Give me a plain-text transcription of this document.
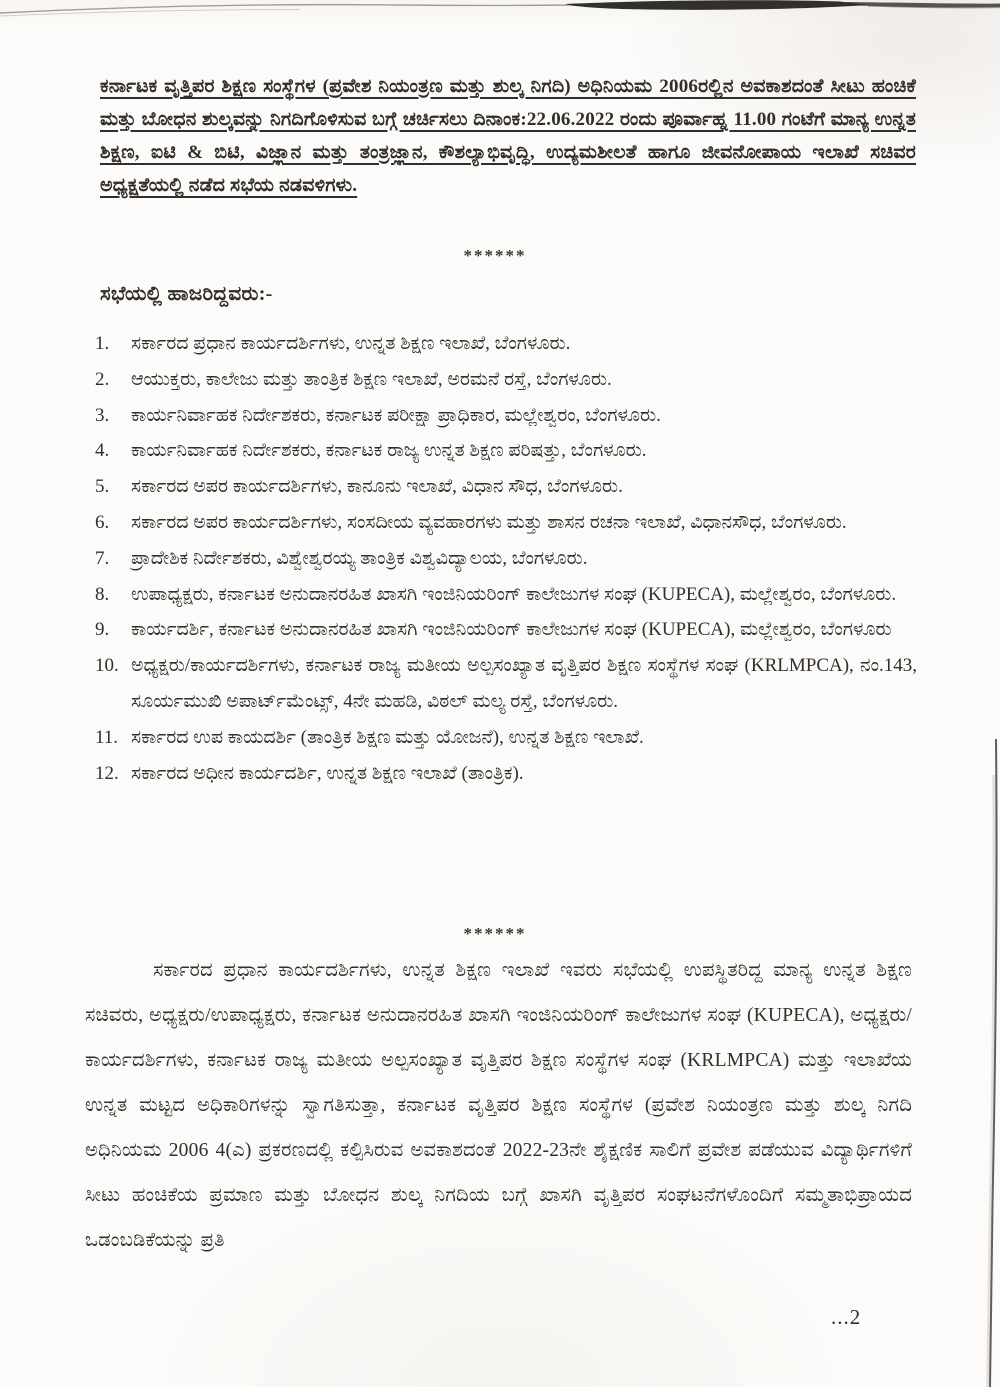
ಕರ್ನಾಟಕ ವೃತ್ತಿಪರ ಶಿಕ್ಷಣ ಸಂಸ್ಥೆಗಳ (ಪ್ರವೇಶ ನಿಯಂತ್ರಣ ಮತ್ತು ಶುಲ್ಕ ನಿಗದಿ) ಅಧಿನಿಯಮ 2006ರಲ್ಲಿನ ಅವಕಾಶದಂತೆ ಸೀಟು ಹಂಚಿಕೆ ಮತ್ತು ಬೋಧನ ಶುಲ್ಕವನ್ನು ನಿಗದಿಗೊಳಿಸುವ ಬಗ್ಗೆ ಚರ್ಚಿಸಲು ದಿನಾಂಕ:22.06.2022 ರಂದು ಪೂರ್ವಾಹ್ನ 11.00 ಗಂಟೆಗೆ ಮಾನ್ಯ ಉನ್ನತ ಶಿಕ್ಷಣ, ಐಟಿ & ಬಿಟಿ, ವಿಜ್ಞಾನ ಮತ್ತು ತಂತ್ರಜ್ಞಾನ, ಕೌಶಲ್ಯಾಭಿವೃದ್ಧಿ, ಉದ್ಯಮಶೀಲತೆ ಹಾಗೂ ಜೀವನೋಪಾಯ ಇಲಾಖೆ ಸಚಿವರ ಅಧ್ಯಕ್ಷತೆಯಲ್ಲಿ ನಡೆದ ಸಭೆಯ ನಡವಳಿಗಳು.
******
ಸಭೆಯಲ್ಲಿ ಹಾಜರಿದ್ದವರು:-
1.	ಸರ್ಕಾರದ ಪ್ರಧಾನ ಕಾರ್ಯದರ್ಶಿಗಳು, ಉನ್ನತ ಶಿಕ್ಷಣ ಇಲಾಖೆ, ಬೆಂಗಳೂರು.
2.	ಆಯುಕ್ತರು, ಕಾಲೇಜು ಮತ್ತು ತಾಂತ್ರಿಕ ಶಿಕ್ಷಣ ಇಲಾಖೆ, ಅರಮನೆ ರಸ್ತೆ, ಬೆಂಗಳೂರು.
3.	ಕಾರ್ಯನಿರ್ವಾಹಕ ನಿರ್ದೇಶಕರು, ಕರ್ನಾಟಕ ಪರೀಕ್ಷಾ ಪ್ರಾಧಿಕಾರ, ಮಲ್ಲೇಶ್ವರಂ, ಬೆಂಗಳೂರು.
4.	ಕಾರ್ಯನಿರ್ವಾಹಕ ನಿರ್ದೇಶಕರು, ಕರ್ನಾಟಕ ರಾಜ್ಯ ಉನ್ನತ ಶಿಕ್ಷಣ ಪರಿಷತ್ತು, ಬೆಂಗಳೂರು.
5.	ಸರ್ಕಾರದ ಅಪರ ಕಾರ್ಯದರ್ಶಿಗಳು, ಕಾನೂನು ಇಲಾಖೆ, ವಿಧಾನ ಸೌಧ, ಬೆಂಗಳೂರು.
6.	ಸರ್ಕಾರದ ಅಪರ ಕಾರ್ಯದರ್ಶಿಗಳು, ಸಂಸದೀಯ ವ್ಯವಹಾರಗಳು ಮತ್ತು ಶಾಸನ ರಚನಾ ಇಲಾಖೆ, ವಿಧಾನಸೌಧ, ಬೆಂಗಳೂರು.
7.	ಪ್ರಾದೇಶಿಕ ನಿರ್ದೇಶಕರು, ವಿಶ್ವೇಶ್ವರಯ್ಯ ತಾಂತ್ರಿಕ ವಿಶ್ವವಿದ್ಯಾಲಯ, ಬೆಂಗಳೂರು.
8.	ಉಪಾಧ್ಯಕ್ಷರು, ಕರ್ನಾಟಕ ಅನುದಾನರಹಿತ ಖಾಸಗಿ ಇಂಜಿನಿಯರಿಂಗ್ ಕಾಲೇಜುಗಳ ಸಂಘ (KUPECA), ಮಲ್ಲೇಶ್ವರಂ, ಬೆಂಗಳೂರು.
9.	ಕಾರ್ಯದರ್ಶಿ, ಕರ್ನಾಟಕ ಅನುದಾನರಹಿತ ಖಾಸಗಿ ಇಂಜಿನಿಯರಿಂಗ್ ಕಾಲೇಜುಗಳ ಸಂಘ (KUPECA), ಮಲ್ಲೇಶ್ವರಂ, ಬೆಂಗಳೂರು
10. ಅಧ್ಯಕ್ಷರು/ಕಾರ್ಯದರ್ಶಿಗಳು, ಕರ್ನಾಟಕ ರಾಜ್ಯ ಮತೀಯ ಅಲ್ಪಸಂಖ್ಯಾತ ವೃತ್ತಿಪರ ಶಿಕ್ಷಣ ಸಂಸ್ಥೆಗಳ ಸಂಘ (KRLMPCA), ನಂ.143, ಸೂರ್ಯಮುಖಿ ಅಪಾರ್ಟ್‌ಮೆಂಟ್ಸ್, 4ನೇ ಮಹಡಿ, ವಿಠಲ್ ಮಲ್ಯ ರಸ್ತೆ, ಬೆಂಗಳೂರು.
11. ಸರ್ಕಾರದ ಉಪ ಕಾಯದರ್ಶಿ (ತಾಂತ್ರಿಕ ಶಿಕ್ಷಣ ಮತ್ತು ಯೋಜನೆ), ಉನ್ನತ ಶಿಕ್ಷಣ ಇಲಾಖೆ.
12. ಸರ್ಕಾರದ ಅಧೀನ ಕಾರ್ಯದರ್ಶಿ, ಉನ್ನತ ಶಿಕ್ಷಣ ಇಲಾಖೆ (ತಾಂತ್ರಿಕ).
******
ಸರ್ಕಾರದ ಪ್ರಧಾನ ಕಾರ್ಯದರ್ಶಿಗಳು, ಉನ್ನತ ಶಿಕ್ಷಣ ಇಲಾಖೆ ಇವರು ಸಭೆಯಲ್ಲಿ ಉಪಸ್ಥಿತರಿದ್ದ ಮಾನ್ಯ ಉನ್ನತ ಶಿಕ್ಷಣ ಸಚಿವರು, ಅಧ್ಯಕ್ಷರು/ಉಪಾಧ್ಯಕ್ಷರು, ಕರ್ನಾಟಕ ಅನುದಾನರಹಿತ ಖಾಸಗಿ ಇಂಜಿನಿಯರಿಂಗ್ ಕಾಲೇಜುಗಳ ಸಂಘ (KUPECA), ಅಧ್ಯಕ್ಷರು/ಕಾರ್ಯದರ್ಶಿಗಳು, ಕರ್ನಾಟಕ ರಾಜ್ಯ ಮತೀಯ ಅಲ್ಪಸಂಖ್ಯಾತ ವೃತ್ತಿಪರ ಶಿಕ್ಷಣ ಸಂಸ್ಥೆಗಳ ಸಂಘ (KRLMPCA) ಮತ್ತು ಇಲಾಖೆಯ ಉನ್ನತ ಮಟ್ಟದ ಅಧಿಕಾರಿಗಳನ್ನು ಸ್ವಾಗತಿಸುತ್ತಾ, ಕರ್ನಾಟಕ ವೃತ್ತಿಪರ ಶಿಕ್ಷಣ ಸಂಸ್ಥೆಗಳ (ಪ್ರವೇಶ ನಿಯಂತ್ರಣ ಮತ್ತು ಶುಲ್ಕ ನಿಗದಿ ಅಧಿನಿಯಮ 2006 4(ಎ) ಪ್ರಕರಣದಲ್ಲಿ ಕಲ್ಪಿಸಿರುವ ಅವಕಾಶದಂತೆ 2022-23ನೇ ಶೈಕ್ಷಣಿಕ ಸಾಲಿಗೆ ಪ್ರವೇಶ ಪಡೆಯುವ ವಿದ್ಯಾರ್ಥಿಗಳಿಗೆ ಸೀಟು ಹಂಚಿಕೆಯ ಪ್ರಮಾಣ ಮತ್ತು ಬೋಧನ ಶುಲ್ಕ ನಿಗದಿಯ ಬಗ್ಗೆ ಖಾಸಗಿ ವೃತ್ತಿಪರ ಸಂಘಟನೆಗಳೊಂದಿಗೆ ಸಮ್ಮತಾಭಿಪ್ರಾಯದ ಒಡಂಬಡಿಕೆಯನ್ನು ಪ್ರತಿ
...2
